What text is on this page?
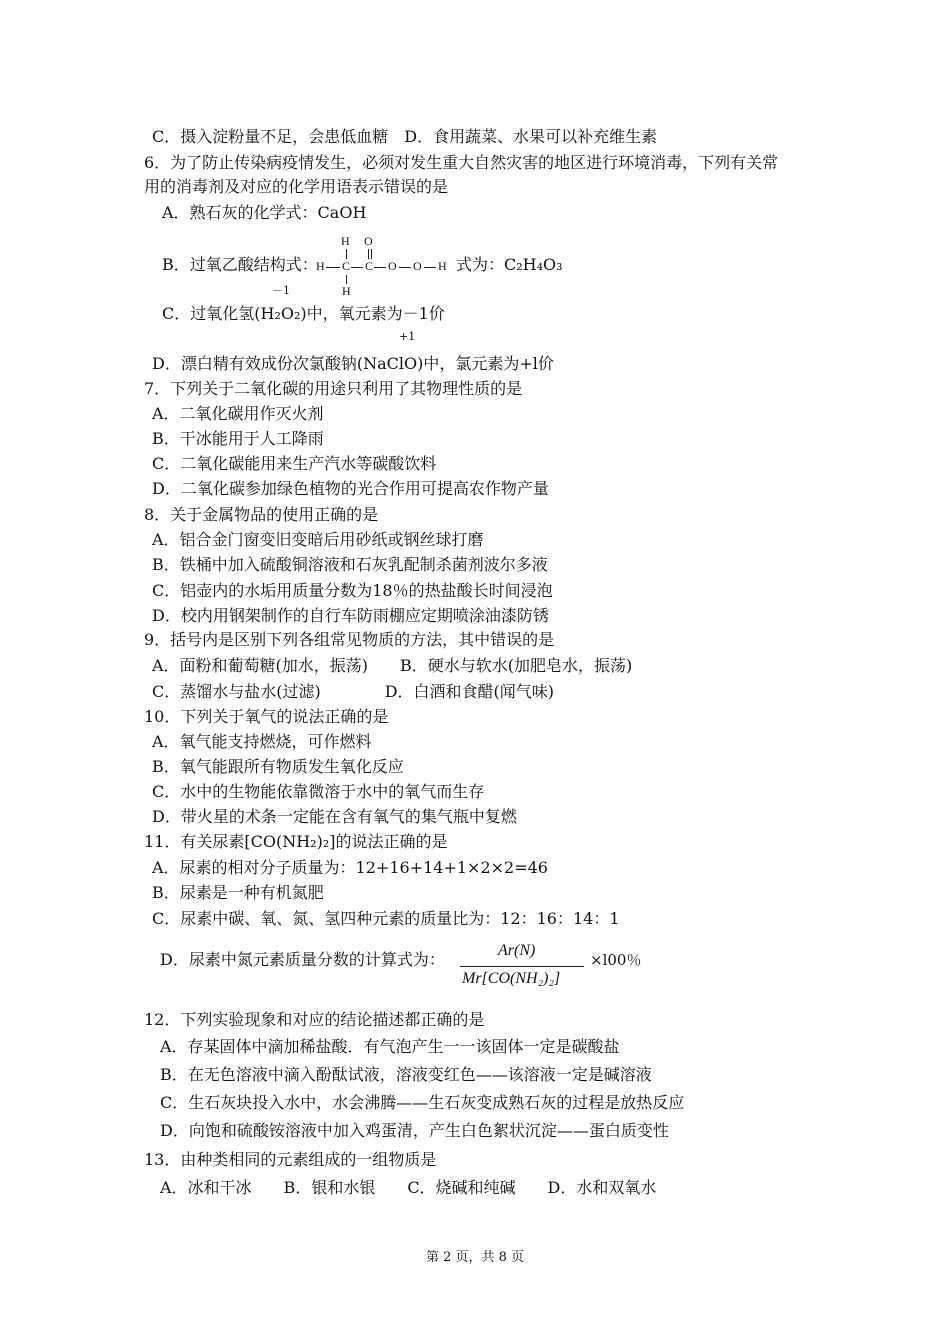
C．摄入淀粉量不足，会患低血糖　D．食用蔬菜、水果可以补充维生素
6．为了防止传染病疫情发生，必须对发生重大自然灾害的地区进行环境消毒，下列有关常
用的消毒剂及对应的化学用语表示错误的是
A．熟石灰的化学式：CaOH
B．过氧乙酸结构式：
H O
H C C O O H
H
式为：C₂H₄O₃
－1
C．过氧化氢(H₂O₂)中，氧元素为－1价
+1
D．漂白精有效成份次氯酸钠(NaClO)中，氯元素为+l价
7．下列关于二氧化碳的用途只利用了其物理性质的是
A．二氧化碳用作灭火剂
B．干冰能用于人工降雨
C．二氧化碳能用来生产汽水等碳酸饮料
D．二氧化碳参加绿色植物的光合作用可提高农作物产量
8．关于金属物品的使用正确的是
A．铝合金门窗变旧变暗后用砂纸或钢丝球打磨
B．铁桶中加入硫酸铜溶液和石灰乳配制杀菌剂波尔多液
C．铝壶内的水垢用质量分数为18％的热盐酸长时间浸泡
D．校内用钢架制作的自行车防雨棚应定期喷涂油漆防锈
9．括号内是区别下列各组常见物质的方法，其中错误的是
A．面粉和葡萄糖(加水，振荡)　　B．硬水与软水(加肥皂水，振荡)
C．蒸馏水与盐水(过滤)　　　　D．白酒和食醋(闻气味)
10．下列关于氧气的说法正确的是
A．氧气能支持燃烧，可作燃料
B．氧气能跟所有物质发生氧化反应
C．水中的生物能依靠微溶于水中的氧气而生存
D．带火星的术条一定能在含有氧气的集气瓶中复燃
11．有关尿素[CO(NH₂)₂]的说法正确的是
A．尿素的相对分子质量为：12+16+14+1×2×2=46
B．尿素是一种有机氮肥
C．尿素中碳、氧、氮、氢四种元素的质量比为：12：16：14：1
D．尿素中氮元素质量分数的计算式为：	Ar(N)
Mr[CO(NH₂)₂]
×l00％
12．下列实验现象和对应的结论描述都正确的是
A．存某固体中滴加稀盐酸．有气泡产生一一该固体一定是碳酸盐
B．在无色溶液中滴入酚酞试液，溶液变红色——该溶液一定是碱溶液
C．生石灰块投入水中，水会沸腾——生石灰变成熟石灰的过程是放热反应
D．向饱和硫酸铵溶液中加入鸡蛋清，产生白色絮状沉淀——蛋白质变性
13．由种类相同的元素组成的一组物质是
A．冰和干冰　　B．银和水银　　C．烧碱和纯碱　　D．水和双氧水
第 2 页，共 8 页
